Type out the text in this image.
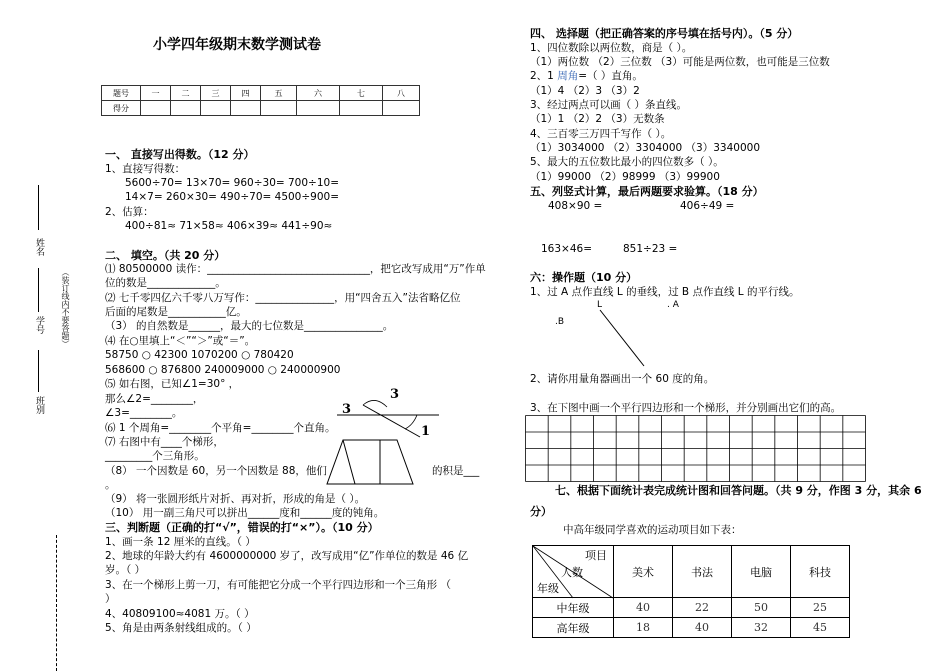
小学四年级期末数学测试卷
题号	一	二	三	四	五	六	七	八
得分								
姓名
学号
班别
（装订线内不要答题）
一、 直接写出得数。（12 分）
1、直接写得数：
5600÷70= 13×70= 960÷30= 700÷10=
14×7= 260×30= 490÷70= 4500÷900=
2、估算：
400÷81≈ 71×58≈ 406×39≈ 441÷90≈
二、 填空。（共 20 分）
⑴ 80500000 读作：_______________________________，把它改写成用“万”作单
位的数是_____________。
⑵ 七千零四亿六千零八万写作：_______________，用“四舍五入”法省略亿位
后面的尾数是___________亿。
（3） 的自然数是______，最大的七位数是_______________。
⑷ 在○里填上“＜”“＞”或“＝”。
58750 ○ 42300 1070200 ○ 780420
568600 ○ 876800 240009000 ○ 240000900
⑸ 如右图，已知∠1=30° ，
那么∠2=________，
∠3=________。
⑹ 1 个周角=________个平角=________个直角。
⑺ 右图中有____个梯形，
_________个三角形。
（8） 一个因数是 60，另一个因数是 88，他们	的积是___
。
（9） 将一张圆形纸片对折、再对折，形成的角是（ ）。
（10） 用一副三角尺可以拼出______度和______度的钝角。
3
3
1
三、判断题（正确的打“√”，错误的打“×”）。（10 分）
1、画一条 12 厘米的直线。（ ）
2、地球的年龄大约有 4600000000 岁了，改写成用“亿”作单位的数是 46 亿
岁。（ ）
3、在一个梯形上剪一刀，有可能把它分成一个平行四边形和一个三角形 （
）
4、40809100≈4081 万。（ ）
5、角是由两条射线组成的。（ ）
四、 选择题（把正确答案的序号填在括号内）。（5 分）
1、四位数除以两位数，商是（ ）。
（1）两位数 （2）三位数 （3）可能是两位数，也可能是三位数
2、1 周角=（ ）直角。
（1）4 （2）3 （3）2
3、经过两点可以画（ ）条直线。
（1）1 （2）2 （3）无数条
4、三百零三万四千写作（ ）。
（1）3034000 （2）3304000 （3）3340000
5、最大的五位数比最小的四位数多（ ）。
（1）99000 （2）98999 （3）99900
五、列竖式计算，最后两题要求验算。（18 分）
408×90 =	406÷49 =
163×46=	851÷23 =
六：操作题（10 分）
1、过 A 点作直线 L 的垂线，过 B 点作直线 L 的平行线。
L	. A
.B
2、请你用量角器画出一个 60 度的角。
3、在下图中画一个平行四边形和一个梯形，并分别画出它们的高。
七、根据下面统计表完成统计图和回答问题。（共 9 分，作图 3 分，其余 6
分）
中高年级同学喜欢的运动项目如下表：
项目
人数
年级	美术	书法	电脑	科技
中年级	40	22	50	25
高年级	18	40	32	45
